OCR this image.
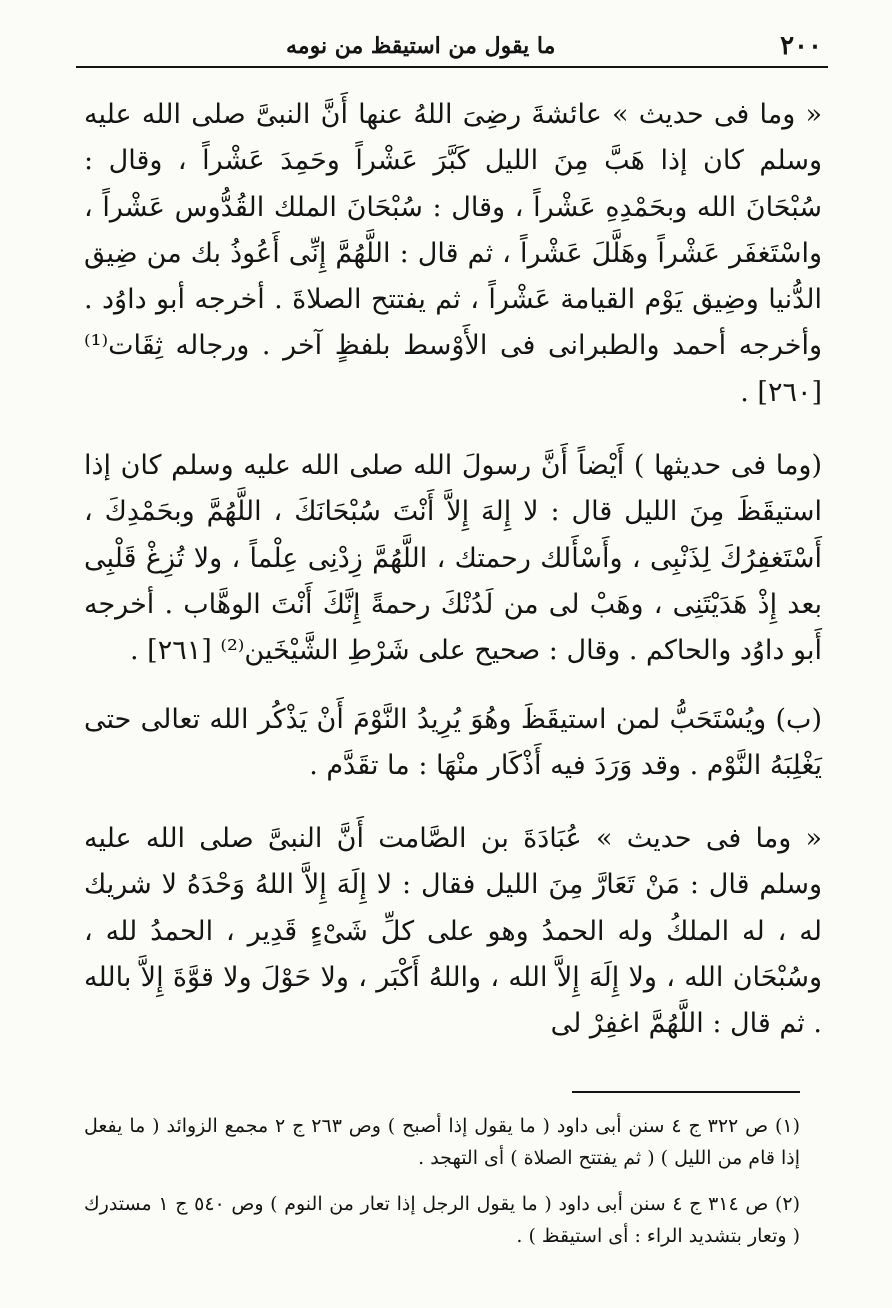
٢٠٠
ما يقول من استيقظ من نومه

« وما فى حديث » عائشةَ رضِىَ اللهُ عنها أَنَّ النبىَّ صلى الله عليه وسلم كان إذا هَبَّ مِنَ الليل كَبَّرَ عَشْراً وحَمِدَ عَشْراً ، وقال : سُبْحَانَ الله وبحَمْدِهِ عَشْراً ، وقال : سُبْحَانَ الملك القُدُّوس عَشْراً ، واسْتَغفَر عَشْراً وهَلَّلَ عَشْراً ، ثم قال : اللَّهُمَّ إِنِّى أَعُوذُ بك من ضِيق الدُّنيا وضِيق يَوْم القيامة عَشْراً ، ثم يفتتح الصلاةَ . أخرجه أبو داوُد . وأخرجه أحمد والطبرانى فى الأَوْسط بلفظٍ آخر . ورجاله ثِقَات⁽¹⁾ [٢٦٠] .

(وما فى حديثها ) أَيْضاً أَنَّ رسولَ الله صلى الله عليه وسلم كان إذا استيقَظَ مِنَ الليل قال : لا إِلهَ إِلاَّ أَنْتَ سُبْحَانَكَ ، اللَّهُمَّ وبحَمْدِكَ ، أَسْتَغفِرُكَ لِذَنْبِى ، وأَسْأَلك رحمتك ، اللَّهُمَّ زِدْنِى عِلْماً ، ولا تُزِغْ قَلْبِى بعد إِذْ هَدَيْتَنِى ، وهَبْ لى من لَدُنْكَ رحمةً إِنَّكَ أَنْتَ الوهَّاب . أخرجه أَبو داوُد والحاكم . وقال : صحيح على شَرْطِ الشَّيْخَين⁽²⁾ [٢٦١] .

(ب) ويُسْتَحَبُّ لمن استيقَظَ وهُوَ يُرِيدُ النَّوْمَ أَنْ يَذْكُر الله تعالى حتى يَغْلِبَهُ النَّوْم . وقد وَرَدَ فيه أَذْكَار منْهَا : ما تقَدَّم .

« وما فى حديث » عُبَادَةَ بن الصَّامت أَنَّ النبىَّ صلى الله عليه وسلم قال : مَنْ تَعَارَّ مِنَ الليل فقال : لا إِلَهَ إِلاَّ اللهُ وَحْدَهُ لا شريك له ، له الملكُ وله الحمدُ وهو على كلِّ شَىْءٍ قَدِير ، الحمدُ لله ، وسُبْحَان الله ، ولا إِلَهَ إِلاَّ الله ، واللهُ أَكْبَر ، ولا حَوْلَ ولا قوَّةَ إِلاَّ بالله . ثم قال : اللَّهُمَّ اغفِرْ لى

(١) ص ٣٢٢ ج ٤ سنن أبى داود ( ما يقول إذا أصبح ) وص ٢٦٣ ج ٢ مجمع الزوائد ( ما يفعل إذا قام من الليل ) ( ثم يفتتح الصلاة ) أى التهجد .

(٢) ص ٣١٤ ج ٤ سنن أبى داود ( ما يقول الرجل إذا تعار من النوم ) وص ٥٤٠ ج ١ مستدرك ( وتعار بتشديد الراء : أى استيقظ ) .
